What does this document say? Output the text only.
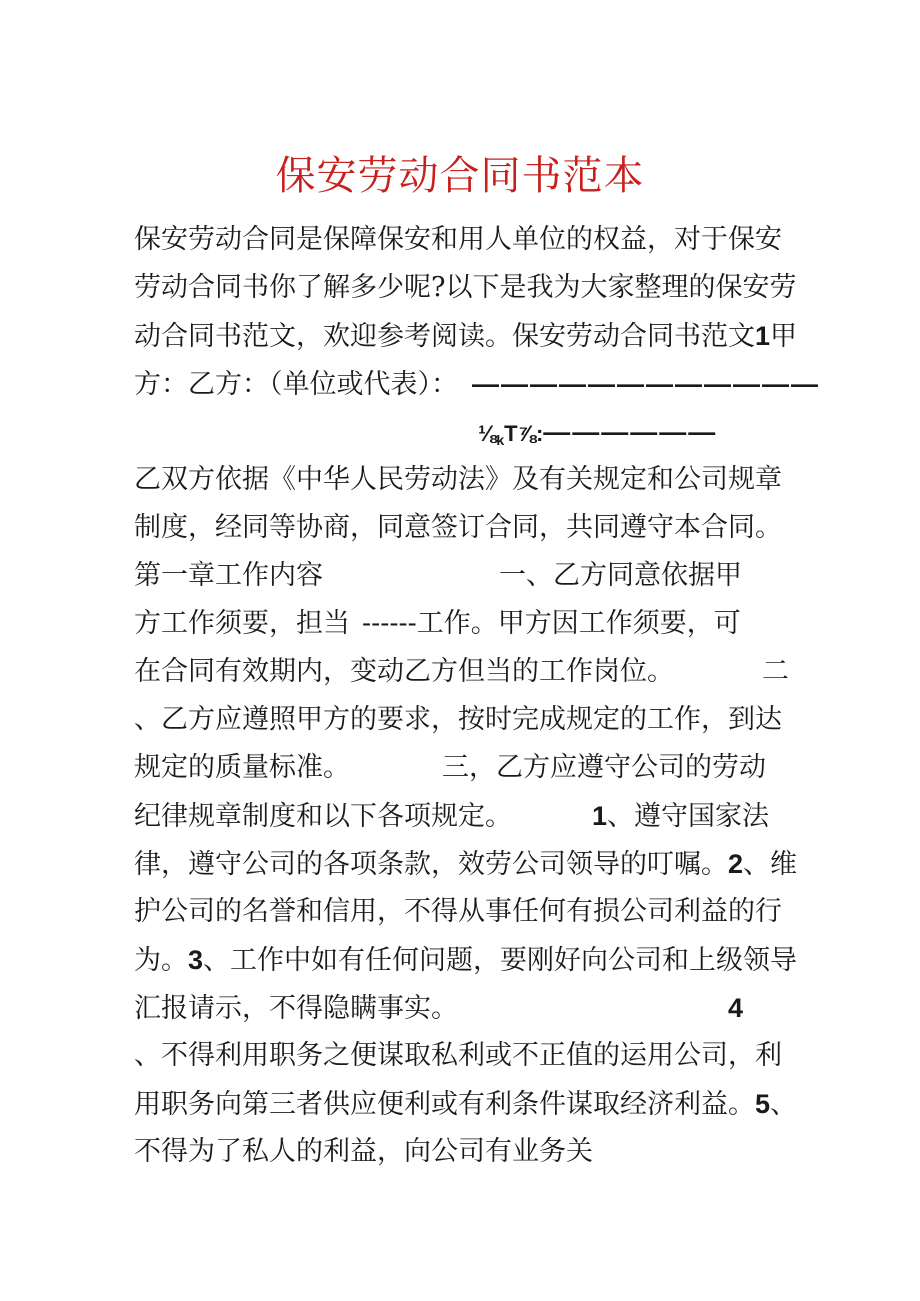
保安劳动合同书范本
保安劳动合同是保障保安和用人单位的权益，对于保安
劳动合同书你了解多少呢?以下是我为大家整理的保安劳
动合同书范文，欢迎参考阅读。保安劳动合同书范文1甲
方：乙方：（单位或代表）： ————————————
$\frac{1}{8}_kT\frac{7}{8}:——————$
乙双方依据《中华人民劳动法》及有关规定和公司规章
制度，经同等协商，同意签订合同，共同遵守本合同。
第一章工作内容	一、乙方同意依据甲
方工作须要，担当 ------工作。甲方因工作须要，可
在合同有效期内，变动乙方但当的工作岗位。	二
、乙方应遵照甲方的要求，按时完成规定的工作，到达
规定的质量标准。	三，乙方应遵守公司的劳动
纪律规章制度和以下各项规定。	1、遵守国家法
律，遵守公司的各项条款，效劳公司领导的叮嘱。2、维
护公司的名誉和信用，不得从事任何有损公司利益的行
为。3、工作中如有任何问题，要刚好向公司和上级领导
汇报请示，不得隐瞒事实。	4
、不得利用职务之便谋取私利或不正值的运用公司，利
用职务向第三者供应便利或有利条件谋取经济利益。5、
不得为了私人的利益，向公司有业务关
